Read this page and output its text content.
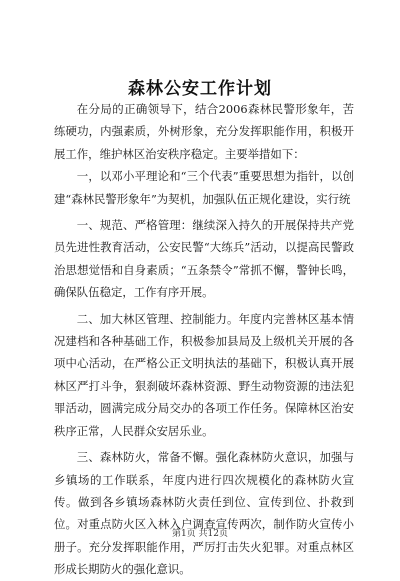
森林公安工作计划

在分局的正确领导下，结合2006森林民警形象年，苦练硬功，内强素质，外树形象，充分发挥职能作用，积极开展工作，维护林区治安秩序稳定。主要举措如下：

一，以邓小平理论和“三个代表”重要思想为指针，以创建“森林民警形象年”为契机，加强队伍正规化建设，实行统

一、规范、严格管理：继续深入持久的开展保持共产党员先进性教育活动，公安民警“大练兵”活动，以提高民警政治思想觉悟和自身素质；“五条禁令”常抓不懈，警钟长鸣，确保队伍稳定，工作有序开展。

二、加大林区管理、控制能力。年度内完善林区基本情况建档和各种基础工作，积极参加县局及上级机关开展的各项中心活动，在严格公正文明执法的基础下，积极认真开展林区严打斗争，狠刹破坏森林资源、野生动物资源的违法犯罪活动，圆满完成分局交办的各项工作任务。保障林区治安秩序正常，人民群众安居乐业。

三、森林防火，常备不懈。强化森林防火意识，加强与乡镇场的工作联系，年度内进行四次规模化的森林防火宣传。做到各乡镇场森林防火责任到位、宣传到位、扑救到位。对重点防火区入林入户调查宣传两次，制作防火宣传小册子。充分发挥职能作用，严厉打击失火犯罪。对重点林区形成长期防火的强化意识。

第1页 共12页
